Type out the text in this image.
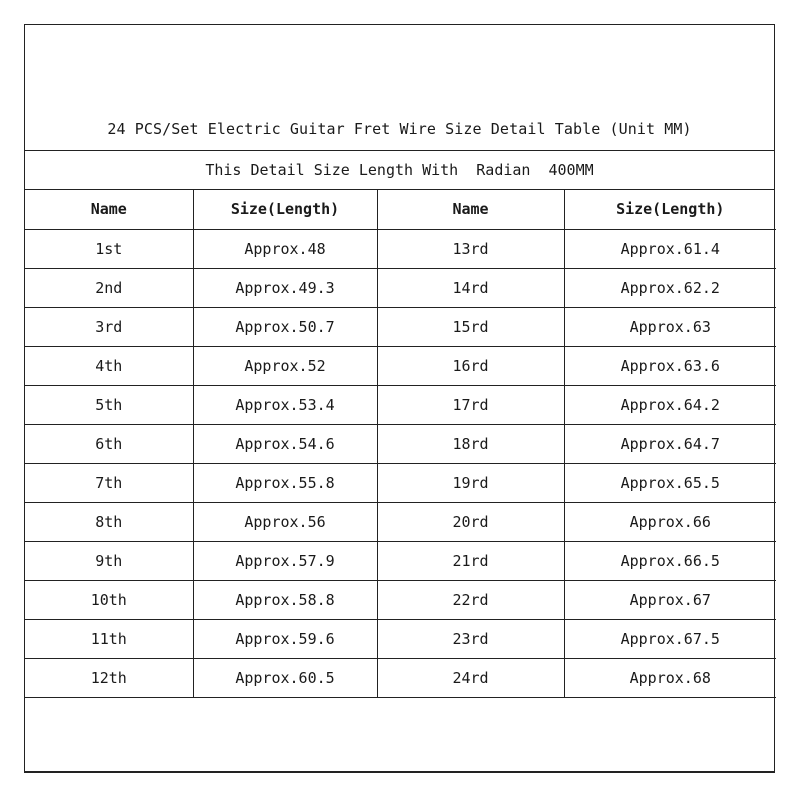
24 PCS/Set Electric Guitar Fret Wire Size Detail Table (Unit MM)
This Detail Size Length With  Radian  400MM
Name	Size(Length)	Name	Size(Length)
1st	Approx.48	13rd	Approx.61.4
2nd	Approx.49.3	14rd	Approx.62.2
3rd	Approx.50.7	15rd	Approx.63
4th	Approx.52	16rd	Approx.63.6
5th	Approx.53.4	17rd	Approx.64.2
6th	Approx.54.6	18rd	Approx.64.7
7th	Approx.55.8	19rd	Approx.65.5
8th	Approx.56	20rd	Approx.66
9th	Approx.57.9	21rd	Approx.66.5
10th	Approx.58.8	22rd	Approx.67
11th	Approx.59.6	23rd	Approx.67.5
12th	Approx.60.5	24rd	Approx.68
